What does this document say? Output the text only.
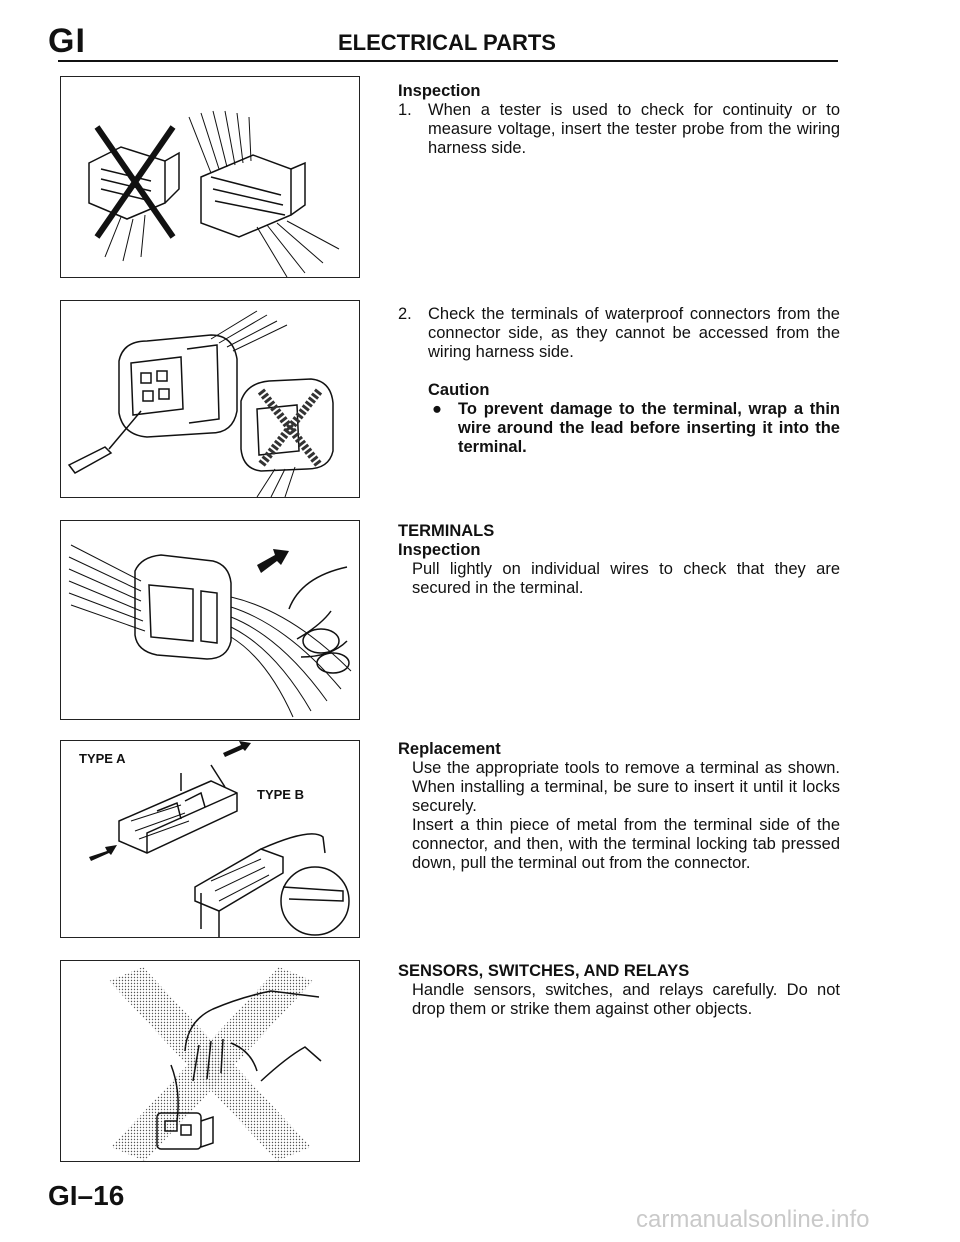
GI	ELECTRICAL PARTS
TYPE A
TYPE B
Inspection
1. When a tester is used to check for continuity or to measure voltage, insert the tester probe from the wiring harness side.
2. Check the terminals of waterproof connectors from the connector side, as they cannot be accessed from the wiring harness side.
Caution
● To prevent damage to the terminal, wrap a thin wire around the lead before inserting it into the terminal.
TERMINALS
Inspection
Pull lightly on individual wires to check that they are secured in the terminal.
Replacement
Use the appropriate tools to remove a terminal as shown. When installing a terminal, be sure to insert it until it locks securely.
Insert a thin piece of metal from the terminal side of the connector, and then, with the terminal locking tab pressed down, pull the terminal out from the connector.
SENSORS, SWITCHES, AND RELAYS
Handle sensors, switches, and relays carefully. Do not drop them or strike them against other objects.
GI–16
carmanualsonline.info
